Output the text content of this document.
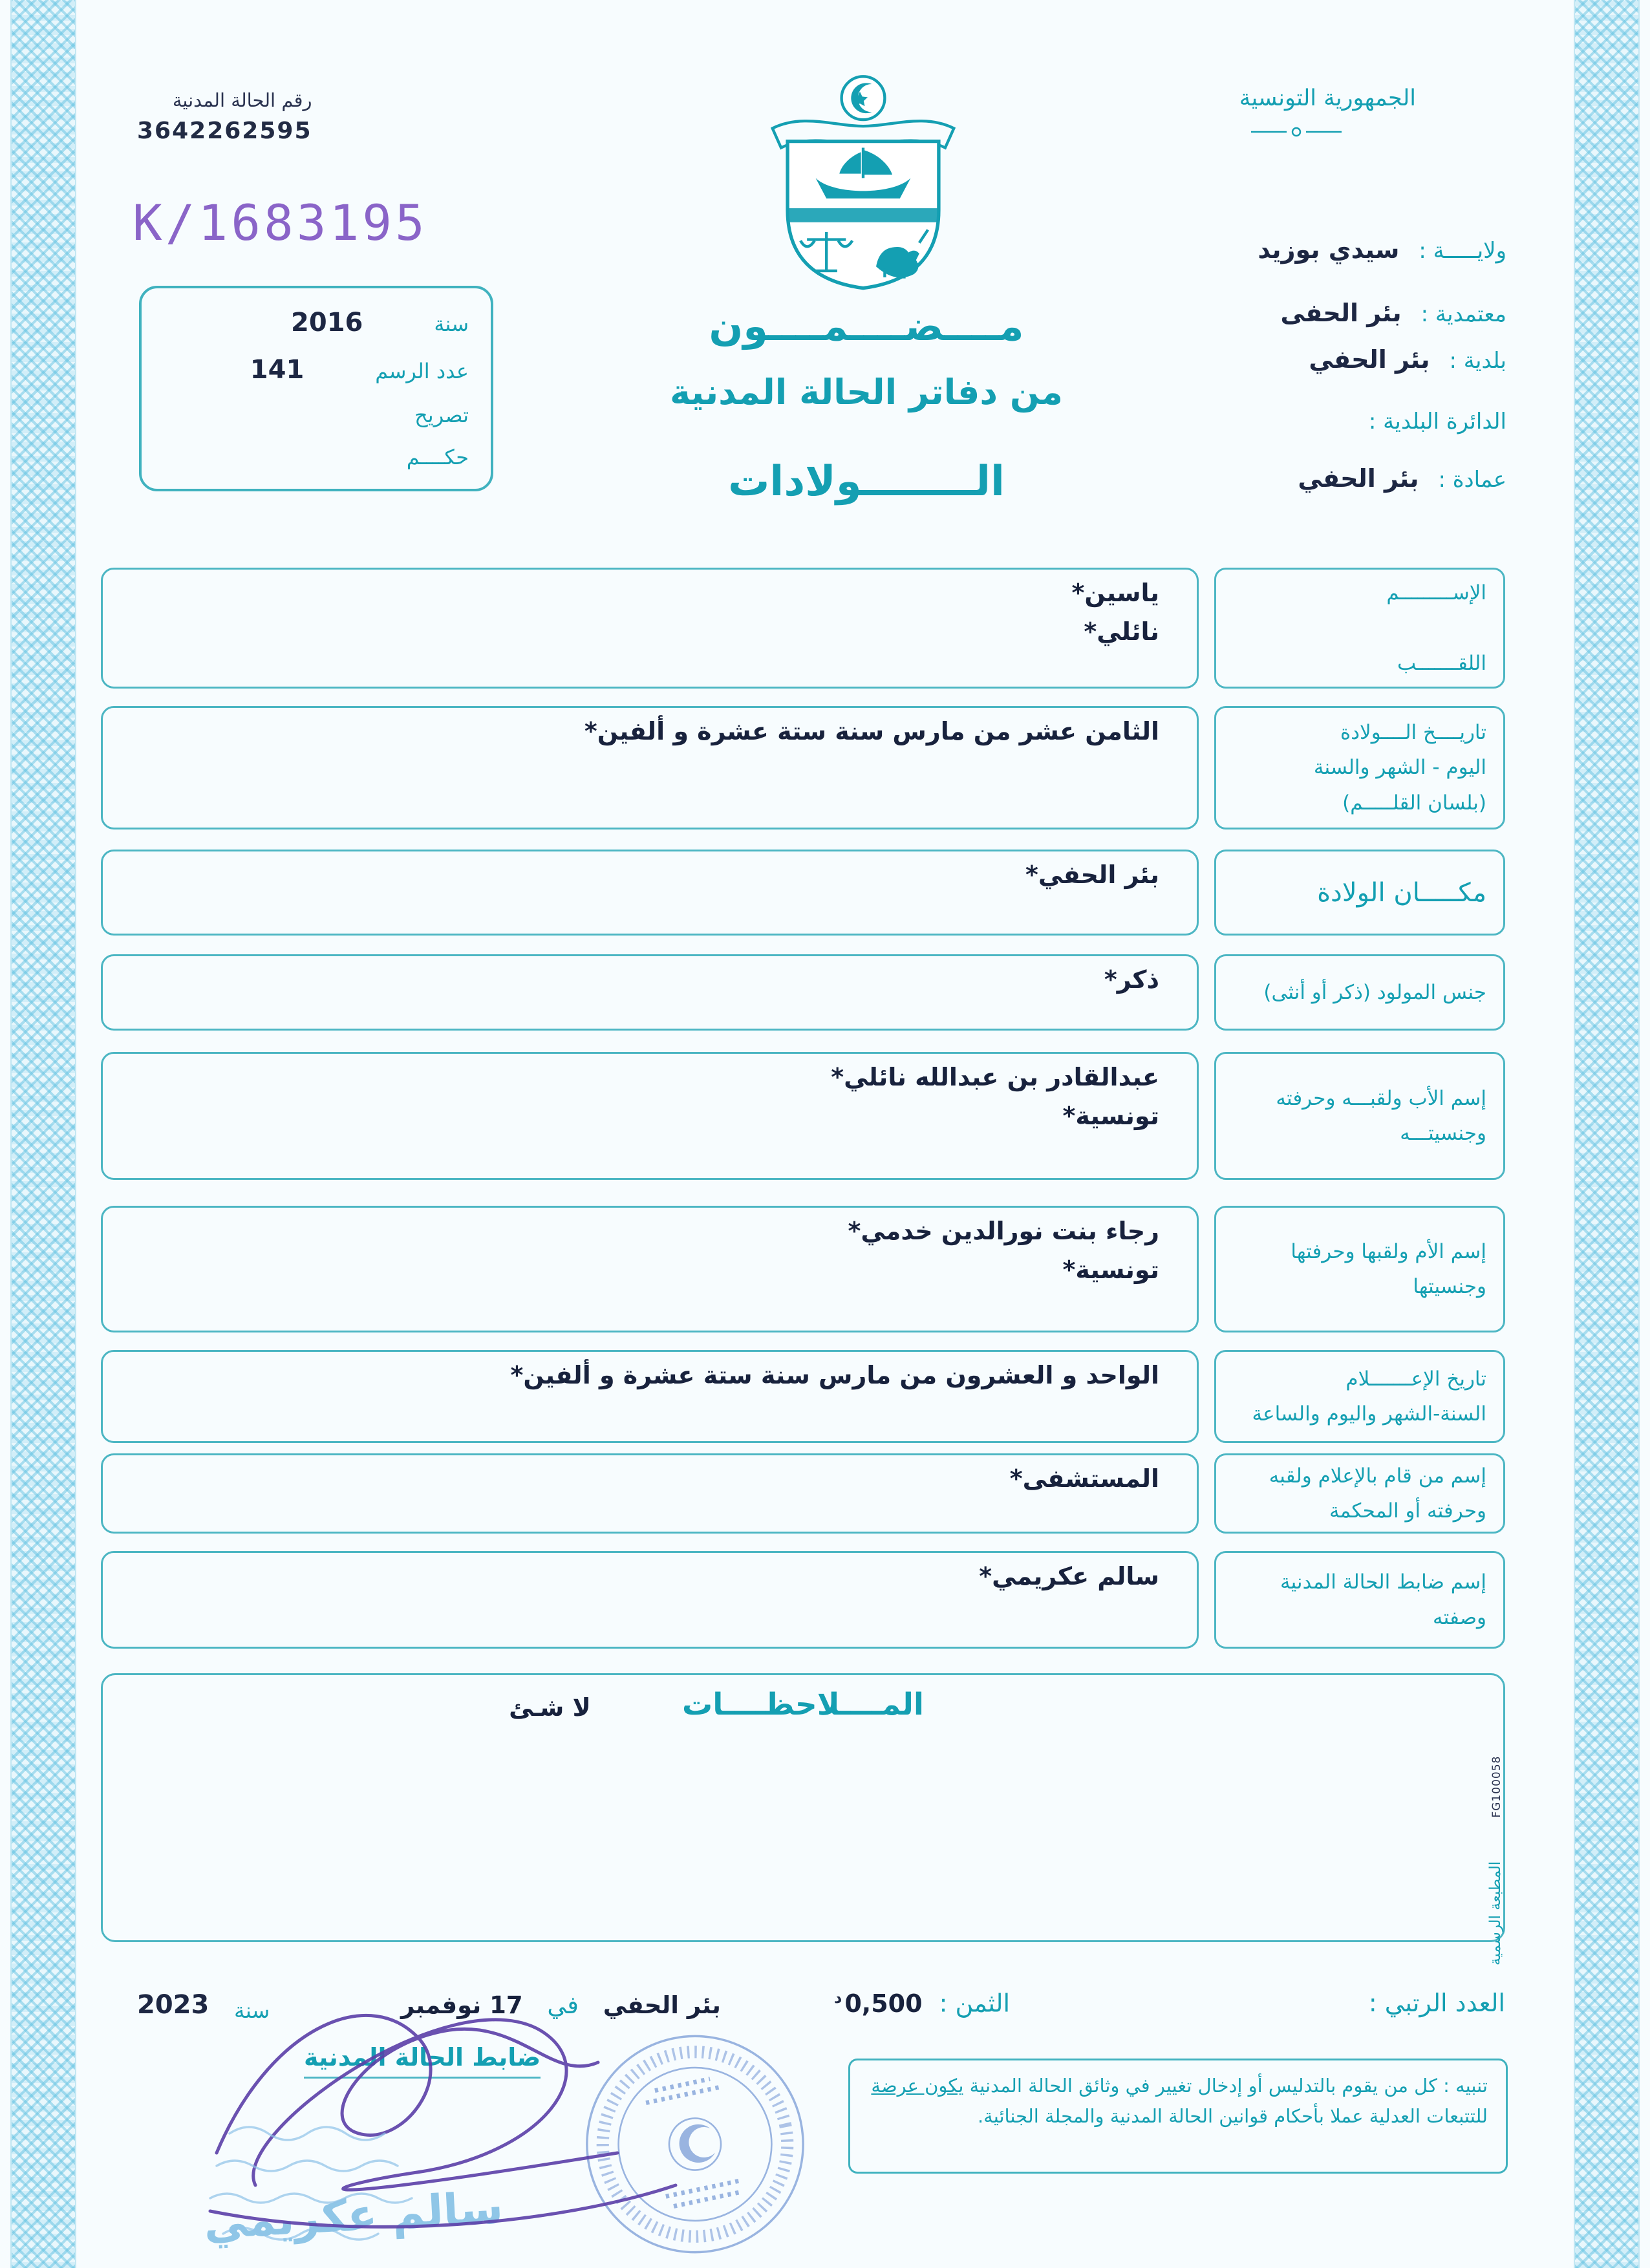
رقم الحالة المدنية
3642262595
K/1683195
سنة
2016
عدد الرسم
141
تصريح
حكــــم
مــــضــــمــــون
من دفاتر الحالة المدنية
الــــــــولادات
الجمهورية التونسية
ولايـــــة :
سيدي بوزيد
معتمدية :
بئر الحفى
بلدية :
بئر الحفي
الدائرة البلدية :
عمادة :
بئر الحفي
الإســـــــــم
اللقـــــــب
ياسين*
نائلي*
تاريــــخ الــــولادة
اليوم - الشهر والسنة
(بلسان القلـــــم)
الثامن عشر من مارس سنة ستة عشرة و ألفين*
مكـــــان الولادة
بئر الحفي*
جنس المولود (ذكر أو أنثى)
ذكر*
إسم الأب ولقبـــه وحرفته
وجنسيتـــه
عبدالقادر بن عبدالله نائلي*
تونسية*
إسم الأم ولقبها وحرفتها
وجنسيتها
رجاء بنت نورالدين خدمي*
تونسية*
تاريخ الإعـــــــلام
السنة-الشهر واليوم والساعة
الواحد و العشرون من مارس سنة ستة عشرة و ألفين*
إسم من قام بالإعلام ولقبه
وحرفته أو المحكمة
المستشفى*
إسم ضابط الحالة المدنية
وصفته
سالم عكريمي*
المــــلاحظــــات
لا شـئ
العدد الرتبي :
الثمن : $0,500^د$
بئر الحفي في 17 نوفمبر
سنة
2023
ضابط الحالة المدنية
تنبيه : كل من يقوم بالتدليس أو إدخال تغيير في وثائق الحالة المدنية يكون عرضة للتتبعات العدلية عملا بأحكام قوانين الحالة المدنية والمجلة الجنائية.
FG100058 المطبعة الرسمية
سالم عكريمي
